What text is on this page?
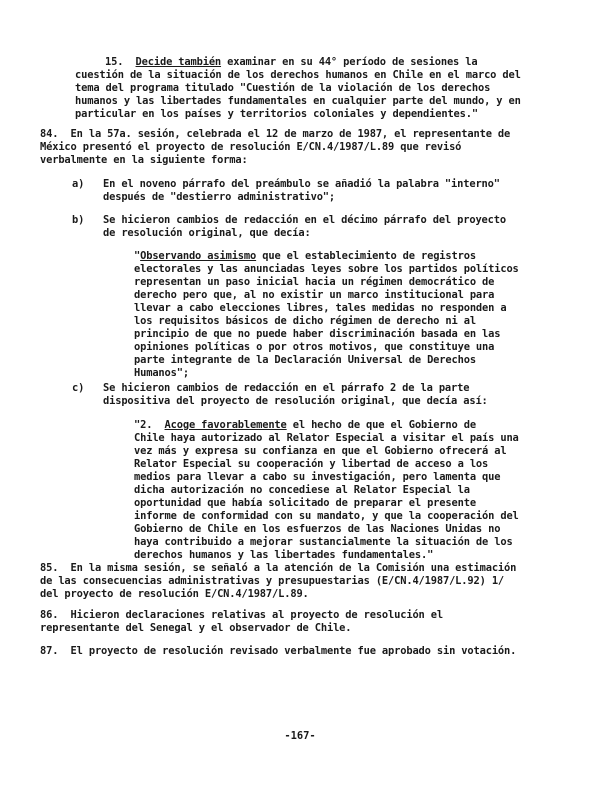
15. Decide también examinar en su 44° período de sesiones la
cuestión de la situación de los derechos humanos en Chile en el marco del
tema del programa titulado "Cuestión de la violación de los derechos
humanos y las libertades fundamentales en cualquier parte del mundo, y en
particular en los países y territorios coloniales y dependientes."
84.  En la 57a. sesión, celebrada el 12 de marzo de 1987, el representante de
México presentó el proyecto de resolución E/CN.4/1987/L.89 que revisó
verbalmente en la siguiente forma:
a) En el noveno párrafo del preámbulo se añadió la palabra "interno"
después de "destierro administrativo";
b) Se hicieron cambios de redacción en el décimo párrafo del proyecto
de resolución original, que decía:
"Observando asimismo que el establecimiento de registros
electorales y las anunciadas leyes sobre los partidos políticos
representan un paso inicial hacia un régimen democrático de
derecho pero que, al no existir un marco institucional para
llevar a cabo elecciones libres, tales medidas no responden a
los requisitos básicos de dicho régimen de derecho ni al
principio de que no puede haber discriminación basada en las
opiniones políticas o por otros motivos, que constituye una
parte integrante de la Declaración Universal de Derechos
Humanos";
c) Se hicieron cambios de redacción en el párrafo 2 de la parte
dispositiva del proyecto de resolución original, que decía así:
"2.  Acoge favorablemente el hecho de que el Gobierno de
Chile haya autorizado al Relator Especial a visitar el país una
vez más y expresa su confianza en que el Gobierno ofrecerá al
Relator Especial su cooperación y libertad de acceso a los
medios para llevar a cabo su investigación, pero lamenta que
dicha autorización no concediese al Relator Especial la
oportunidad que había solicitado de preparar el presente
informe de conformidad con su mandato, y que la cooperación del
Gobierno de Chile en los esfuerzos de las Naciones Unidas no
haya contribuido a mejorar sustancialmente la situación de los
derechos humanos y las libertades fundamentales."
85.  En la misma sesión, se señaló a la atención de la Comisión una estimación
de las consecuencias administrativas y presupuestarias (E/CN.4/1987/L.92) 1/
del proyecto de resolución E/CN.4/1987/L.89.
86.  Hicieron declaraciones relativas al proyecto de resolución el
representante del Senegal y el observador de Chile.
87.  El proyecto de resolución revisado verbalmente fue aprobado sin votación.
-167-
